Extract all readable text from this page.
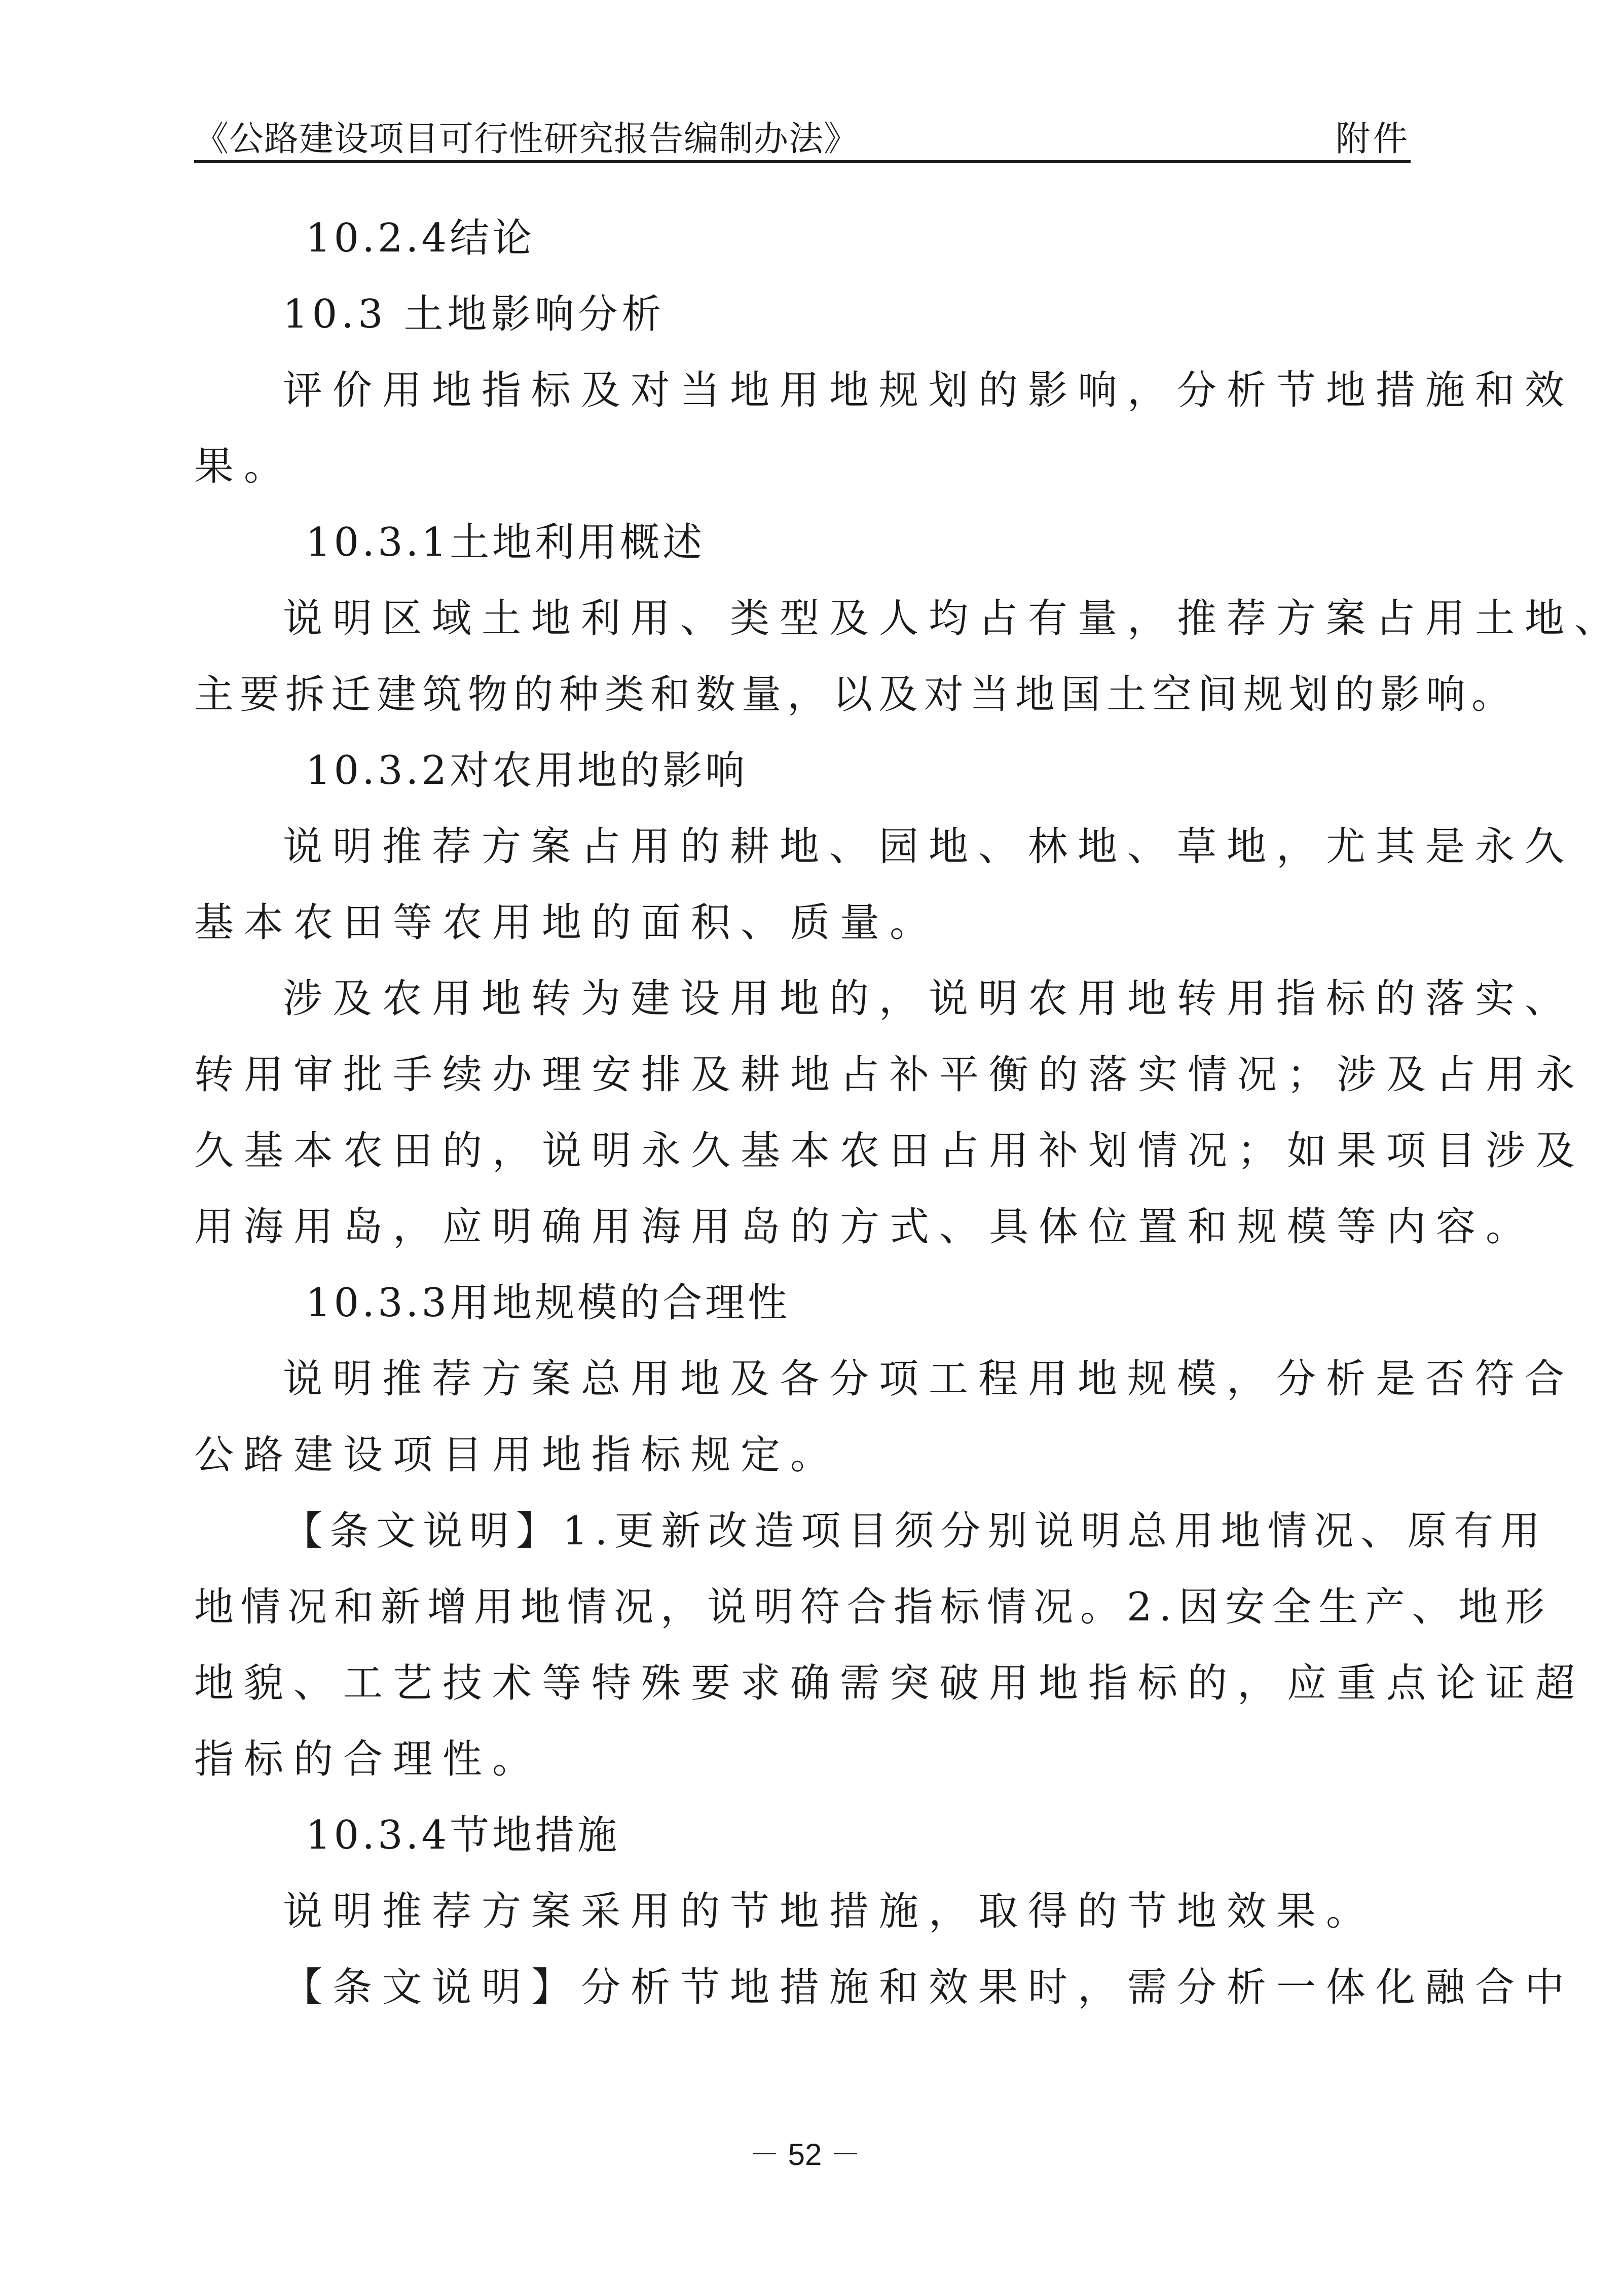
《公路建设项目可行性研究报告编制办法》	附件
10.2.4结论
10.3 土地影响分析
评价用地指标及对当地用地规划的影响，分析节地措施和效
果。
10.3.1土地利用概述
说明区域土地利用、类型及人均占有量，推荐方案占用土地、
主要拆迁建筑物的种类和数量，以及对当地国土空间规划的影响。
10.3.2对农用地的影响
说明推荐方案占用的耕地、园地、林地、草地，尤其是永久
基本农田等农用地的面积、质量。
涉及农用地转为建设用地的，说明农用地转用指标的落实、
转用审批手续办理安排及耕地占补平衡的落实情况；涉及占用永
久基本农田的，说明永久基本农田占用补划情况；如果项目涉及
用海用岛，应明确用海用岛的方式、具体位置和规模等内容。
10.3.3用地规模的合理性
说明推荐方案总用地及各分项工程用地规模，分析是否符合
公路建设项目用地指标规定。
【条文说明】1.更新改造项目须分别说明总用地情况、原有用
地情况和新增用地情况，说明符合指标情况。2.因安全生产、地形
地貌、工艺技术等特殊要求确需突破用地指标的，应重点论证超
指标的合理性。
10.3.4节地措施
说明推荐方案采用的节地措施，取得的节地效果。
【条文说明】分析节地措施和效果时，需分析一体化融合中
－ 52 －
